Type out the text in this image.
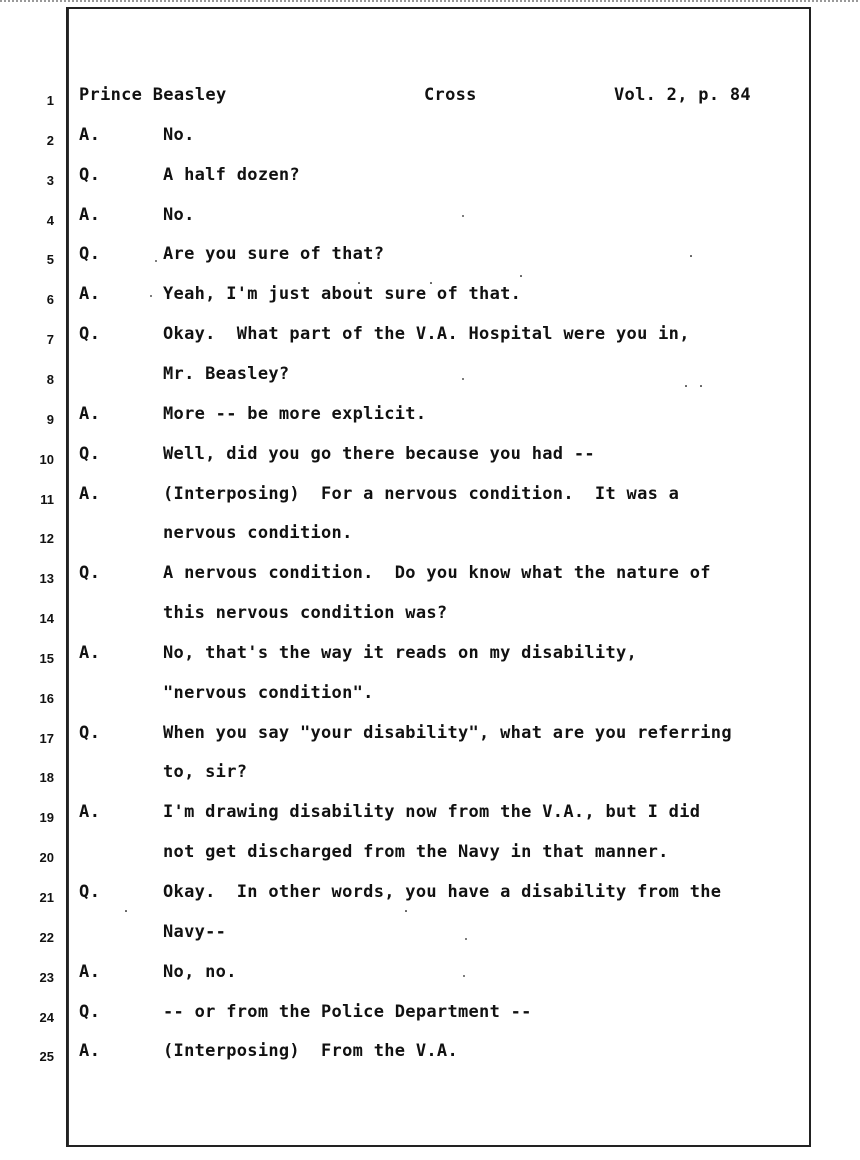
1 Prince Beasley	Cross	Vol. 2, p. 84
2 A.	No.
3 Q.	A half dozen?
4 A.	No.
5 Q.	Are you sure of that?
6 A.	Yeah, I'm just about sure of that.
7 Q.	Okay.  What part of the V.A. Hospital were you in,
8	Mr. Beasley?
9 A.	More -- be more explicit.
10 Q.	Well, did you go there because you had --
11 A.	(Interposing)  For a nervous condition.  It was a
12	nervous condition.
13 Q.	A nervous condition.  Do you know what the nature of
14	this nervous condition was?
15 A.	No, that's the way it reads on my disability,
16	"nervous condition".
17 Q.	When you say "your disability", what are you referring
18	to, sir?
19 A.	I'm drawing disability now from the V.A., but I did
20	not get discharged from the Navy in that manner.
21 Q.	Okay.  In other words, you have a disability from the
22	Navy--
23 A.	No, no.
24 Q.	-- or from the Police Department --
25 A.	(Interposing)  From the V.A.
